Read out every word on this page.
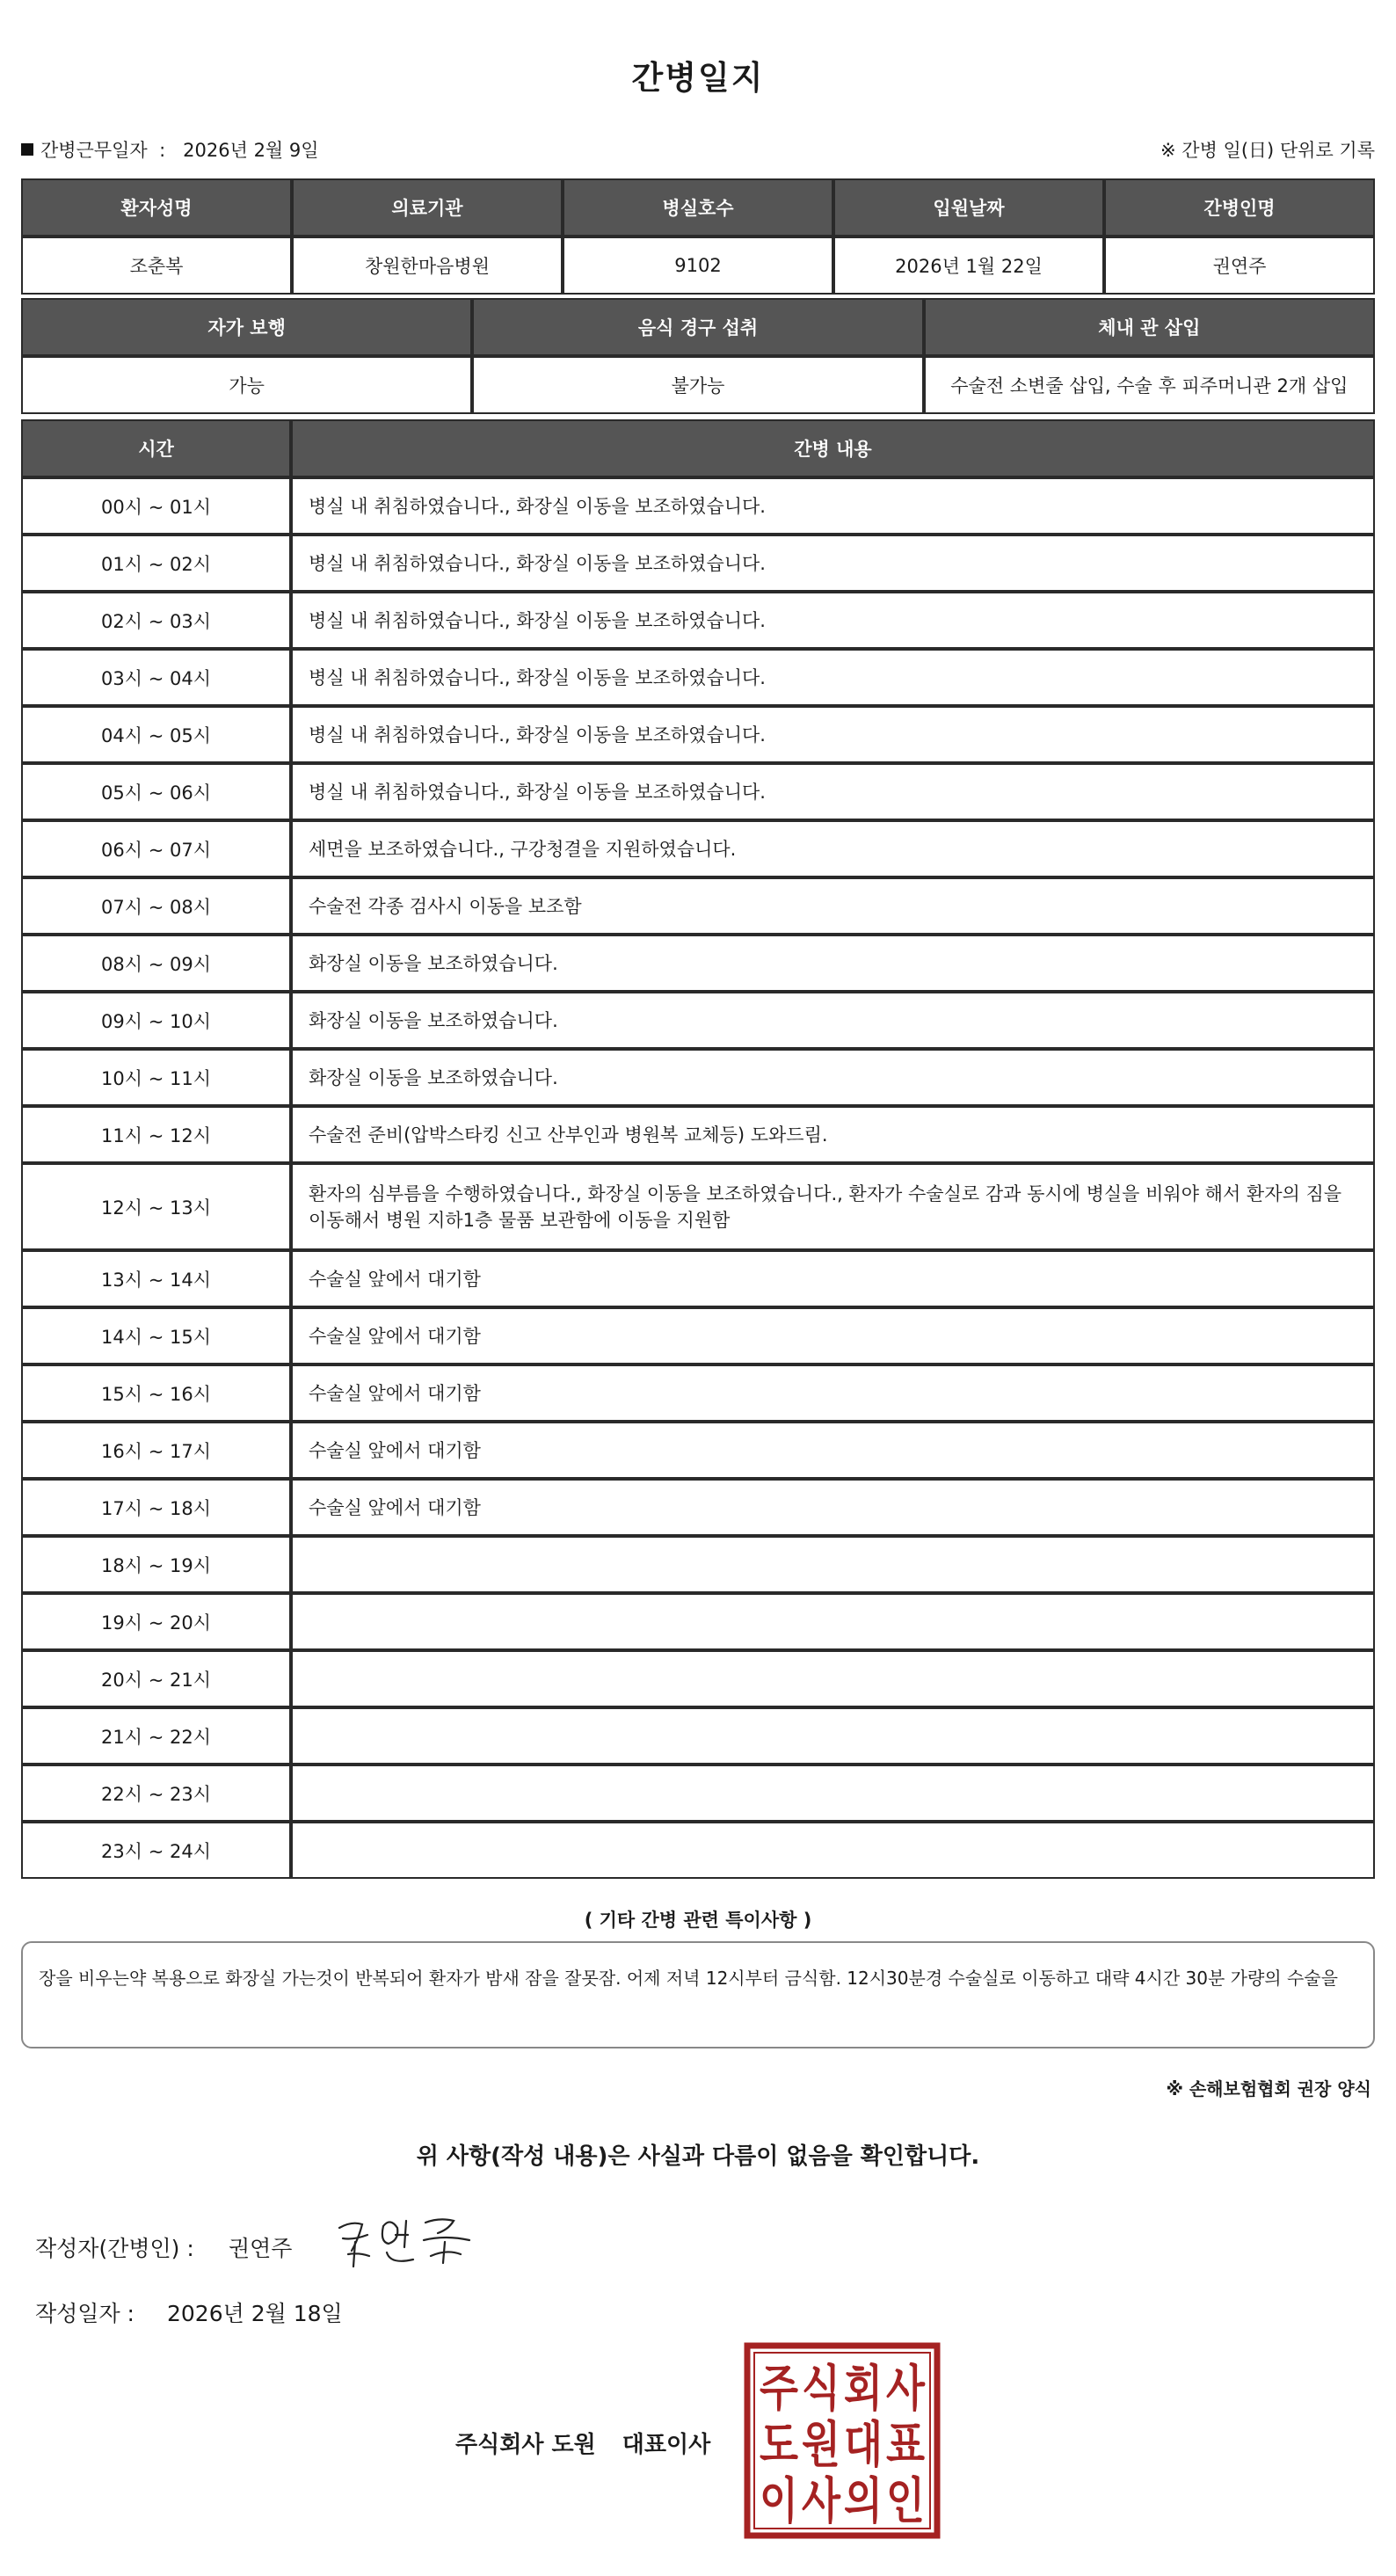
간병일지
간병근무일자  :   2026년 2월 9일	※ 간병 일(日) 단위로 기록
환자성명	의료기관	병실호수	입원날짜	간병인명
조춘복	창원한마음병원	9102	2026년 1월 22일	권연주
자가 보행	음식 경구 섭취	체내 관 삽입
가능	불가능	수술전 소변줄 삽입, 수술 후 피주머니관 2개 삽입
시간	간병 내용
00시 ~ 01시	병실 내 취침하였습니다., 화장실 이동을 보조하였습니다.
01시 ~ 02시	병실 내 취침하였습니다., 화장실 이동을 보조하였습니다.
02시 ~ 03시	병실 내 취침하였습니다., 화장실 이동을 보조하였습니다.
03시 ~ 04시	병실 내 취침하였습니다., 화장실 이동을 보조하였습니다.
04시 ~ 05시	병실 내 취침하였습니다., 화장실 이동을 보조하였습니다.
05시 ~ 06시	병실 내 취침하였습니다., 화장실 이동을 보조하였습니다.
06시 ~ 07시	세면을 보조하였습니다., 구강청결을 지원하였습니다.
07시 ~ 08시	수술전 각종 검사시 이동을 보조함
08시 ~ 09시	화장실 이동을 보조하였습니다.
09시 ~ 10시	화장실 이동을 보조하였습니다.
10시 ~ 11시	화장실 이동을 보조하였습니다.
11시 ~ 12시	수술전 준비(압박스타킹 신고 산부인과 병원복 교체등) 도와드림.
12시 ~ 13시	환자의 심부름을 수행하였습니다., 화장실 이동을 보조하였습니다., 환자가 수술실로 감과 동시에 병실을 비워야 해서 환자의 짐을 이동해서 병원 지하1층 물품 보관함에 이동을 지원함
13시 ~ 14시	수술실 앞에서 대기함
14시 ~ 15시	수술실 앞에서 대기함
15시 ~ 16시	수술실 앞에서 대기함
16시 ~ 17시	수술실 앞에서 대기함
17시 ~ 18시	수술실 앞에서 대기함
18시 ~ 19시	
19시 ~ 20시	
20시 ~ 21시	
21시 ~ 22시	
22시 ~ 23시	
23시 ~ 24시	
( 기타 간병 관련 특이사항 )
장을 비우는약 복용으로 화장실 가는것이 반복되어 환자가 밤새 잠을 잘못잠. 어제 저녁 12시부터 금식함. 12시30분경 수술실로 이동하고 대략 4시간 30분 가량의 수술을
※ 손해보험협회 권장 양식
위 사항(작성 내용)은 사실과 다름이 없음을 확인합니다.
작성자(간병인) : 권연주
작성일자 : 2026년 2월 18일
주식회사 도원 대표이사
주 식 회 사
도 원 대 표
이 사 의 인
